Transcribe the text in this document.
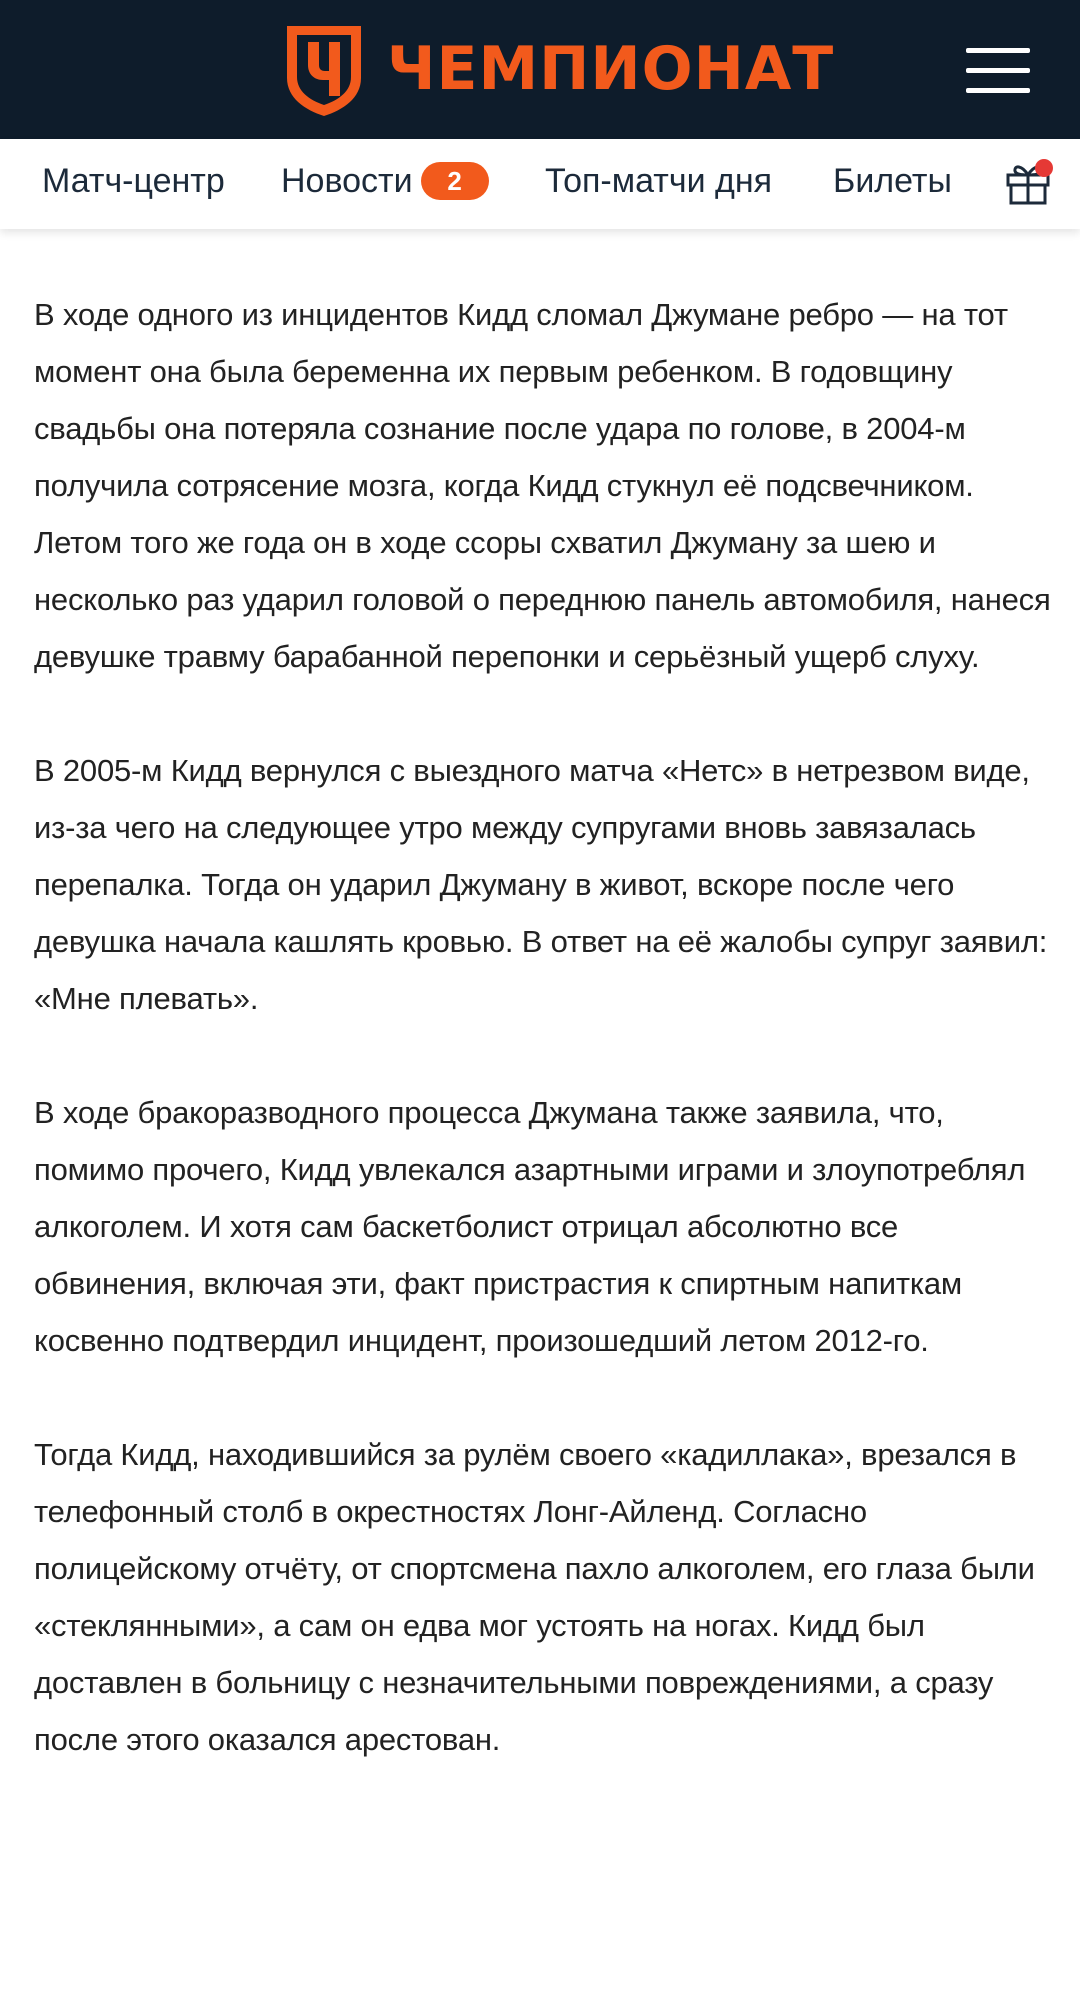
ЧЕМПИОНАТ
Матч-центр Новости 2	Топ-матчи дня Билеты

В ходе одного из инцидентов Кидд сломал Джумане ребро — на тот момент она была беременна их первым ребенком. В годовщину свадьбы она потеряла сознание после удара по голове, в 2004-м получила сотрясение мозга, когда Кидд стукнул её подсвечником. Летом того же года он в ходе ссоры схватил Джуману за шею и несколько раз ударил головой о переднюю панель автомобиля, нанеся девушке травму барабанной перепонки и серьёзный ущерб слуху.

В 2005-м Кидд вернулся с выездного матча «Нетс» в нетрезвом виде, из-за чего на следующее утро между супругами вновь завязалась перепалка. Тогда он ударил Джуману в живот, вскоре после чего девушка начала кашлять кровью. В ответ на её жалобы супруг заявил: «Мне плевать».

В ходе бракоразводного процесса Джумана также заявила, что, помимо прочего, Кидд увлекался азартными играми и злоупотреблял алкоголем. И хотя сам баскетболист отрицал абсолютно все обвинения, включая эти, факт пристрастия к спиртным напиткам косвенно подтвердил инцидент, произошедший летом 2012-го.

Тогда Кидд, находившийся за рулём своего «кадиллака», врезался в телефонный столб в окрестностях Лонг-Айленд. Согласно полицейскому отчёту, от спортсмена пахло алкоголем, его глаза были «стеклянными», а сам он едва мог устоять на ногах. Кидд был доставлен в больницу с незначительными повреждениями, а сразу после этого оказался арестован.
